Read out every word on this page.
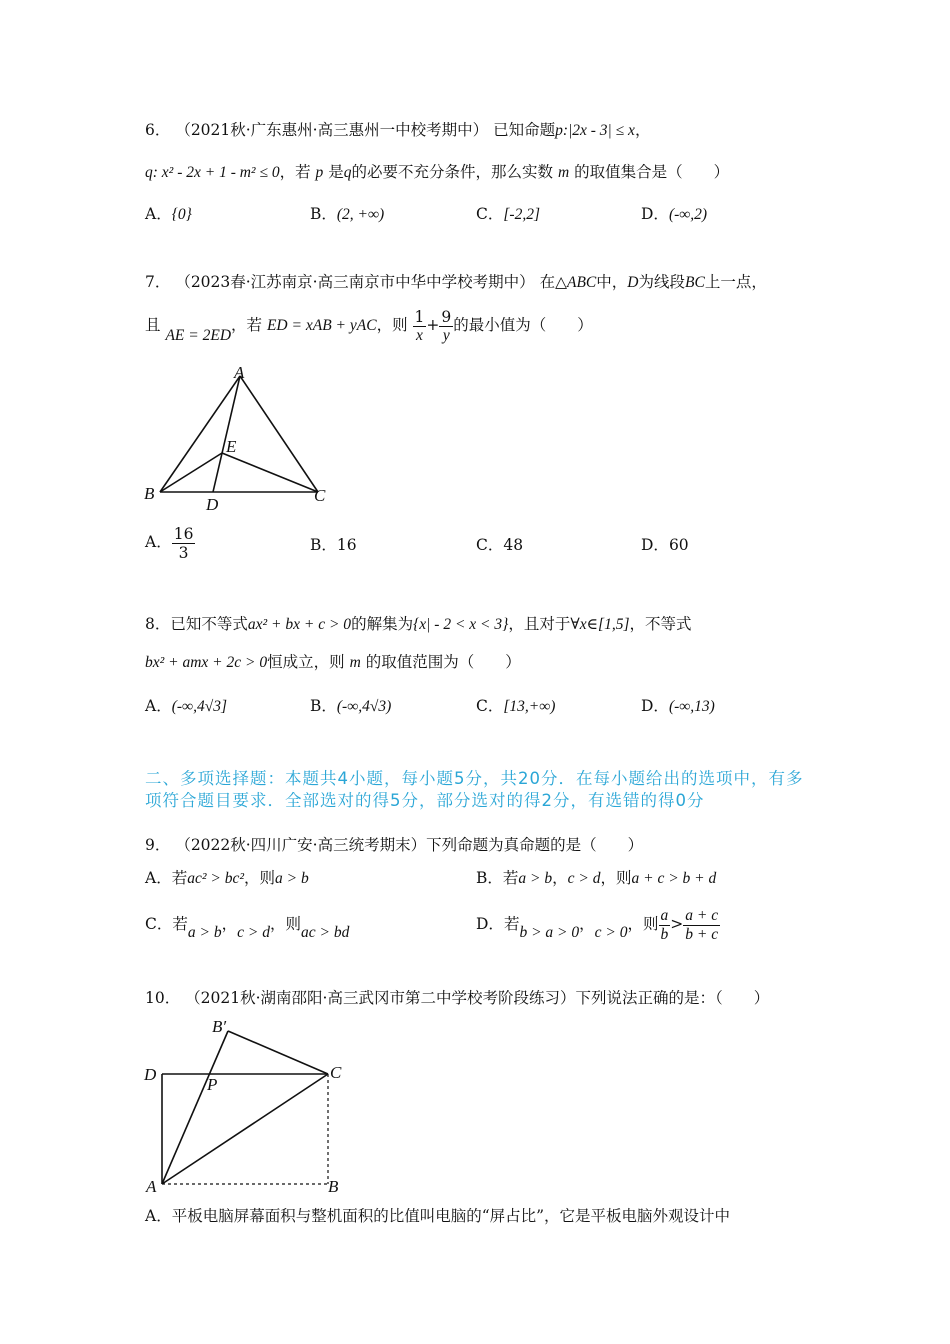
6． （2021秋·广东惠州·高三惠州一中校考期中） 已知命题p:|2x - 3| ≤ x，
q: x² - 2x + 1 - m² ≤ 0，若 p 是q的必要不充分条件，那么实数 m 的取值集合是（　　）
A．{0}	B．(2, +∞)	C．[-2,2]	D．(-∞,2)
7． （2023春·江苏南京·高三南京市中华中学校考期中） 在△ABC中，D为线段BC上一点，
且 AE = 2ED，若 ED = xAB + yAC，则 $\frac{1}{x} + \frac{9}{y}$ 的最小值为（　　）
A
B	C
D
E
A． $\frac{16}{3}$	B．16	C．48	D．60
8．已知不等式ax² + bx + c > 0的解集为{x| - 2 < x < 3}，且对于∀x∈[1,5]，不等式
bx² + amx + 2c > 0恒成立，则 m 的取值范围为（　　）
A．(-∞,4√3]	B．(-∞,4√3)	C．[13,+∞)	D．(-∞,13)
二、多项选择题：本题共4小题，每小题5分，共20分．在每小题给出的选项中，有多项符合题目要求．全部选对的得5分，部分选对的得2分，有选错的得0分
9． （2022秋·四川广安·高三统考期末）下列命题为真命题的是（　　）
A．若ac² > bc²，则a > b	B．若a > b，c > d，则a + c > b + d
C．若a > b，c > d，则ac > bd	D．若b > a > 0，c > 0，则 $\frac{a}{b} > \frac{a + c}{b + c}$
10． （2021秋·湖南邵阳·高三武冈市第二中学校考阶段练习）下列说法正确的是：（　　）
B′
D	C
P
A	B
A．平板电脑屏幕面积与整机面积的比值叫电脑的“屏占比”，它是平板电脑外观设计中
